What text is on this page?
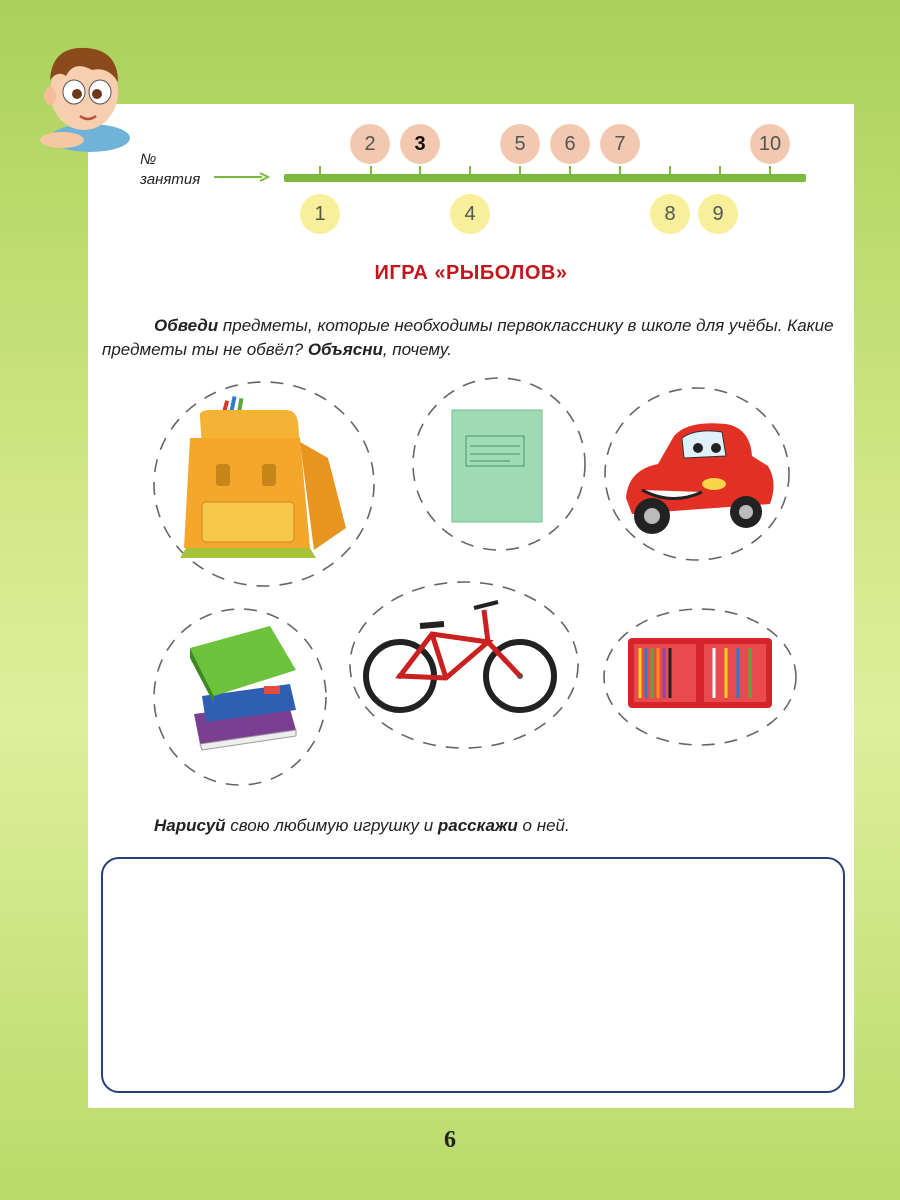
№ занятия
2	3	5	6	7	10
1	4	8	9
ИГРА «РЫБОЛОВ»
Обведи предметы, которые необходимы первокласснику в школе для учёбы. Какие предметы ты не обвёл? Объясни, почему.
Нарисуй свою любимую игрушку и расскажи о ней.
6
